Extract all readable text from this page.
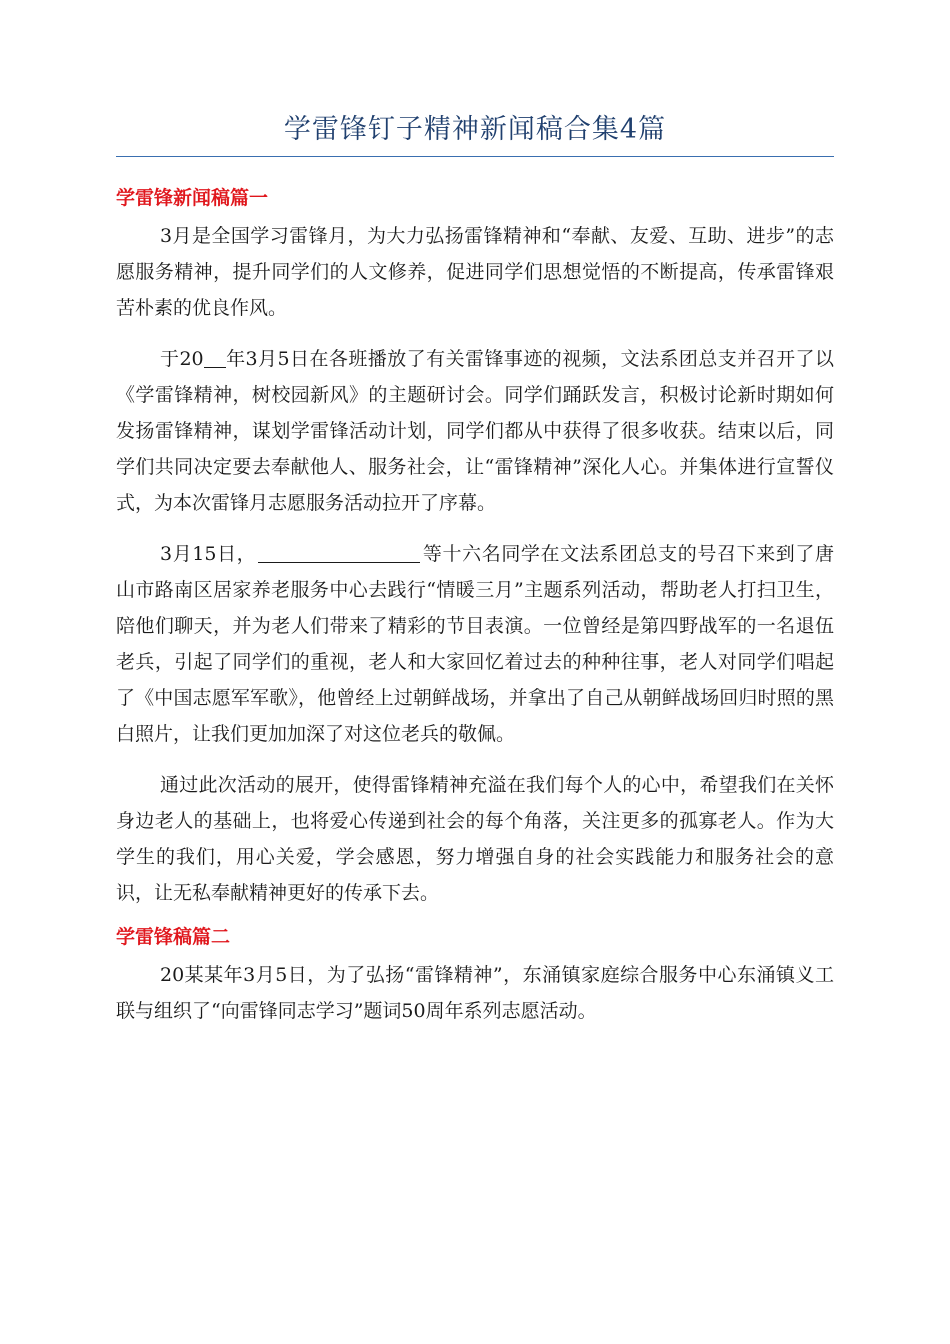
学雷锋钉子精神新闻稿合集4篇
学雷锋新闻稿篇一

3月是全国学习雷锋月，为大力弘扬雷锋精神和“奉献、友爱、互助、进步”的志愿服务精神，提升同学们的人文修养，促进同学们思想觉悟的不断提高，传承雷锋艰苦朴素的优良作风。

于20 年3月5日在各班播放了有关雷锋事迹的视频，文法系团总支并召开了以《学雷锋精神，树校园新风》的主题研讨会。同学们踊跃发言，积极讨论新时期如何发扬雷锋精神，谋划学雷锋活动计划，同学们都从中获得了很多收获。结束以后，同学们共同决定要去奉献他人、服务社会，让“雷锋精神”深化人心。并集体进行宣誓仪式，为本次雷锋月志愿服务活动拉开了序幕。

3月15日，	等十六名同学在文法系团总支的号召下来到了唐山市路南区居家养老服务中心去践行“情暖三月”主题系列活动，帮助老人打扫卫生，陪他们聊天，并为老人们带来了精彩的节目表演。一位曾经是第四野战军的一名退伍老兵，引起了同学们的重视，老人和大家回忆着过去的种种往事，老人对同学们唱起了《中国志愿军军歌》，他曾经上过朝鲜战场，并拿出了自己从朝鲜战场回归时照的黑白照片，让我们更加加深了对这位老兵的敬佩。

通过此次活动的展开，使得雷锋精神充溢在我们每个人的心中，希望我们在关怀身边老人的基础上，也将爱心传递到社会的每个角落，关注更多的孤寡老人。作为大学生的我们，用心关爱，学会感恩，努力增强自身的社会实践能力和服务社会的意识，让无私奉献精神更好的传承下去。

学雷锋稿篇二

20某某年3月5日，为了弘扬“雷锋精神”，东涌镇家庭综合服务中心东涌镇义工联与组织了“向雷锋同志学习”题词50周年系列志愿活动。
